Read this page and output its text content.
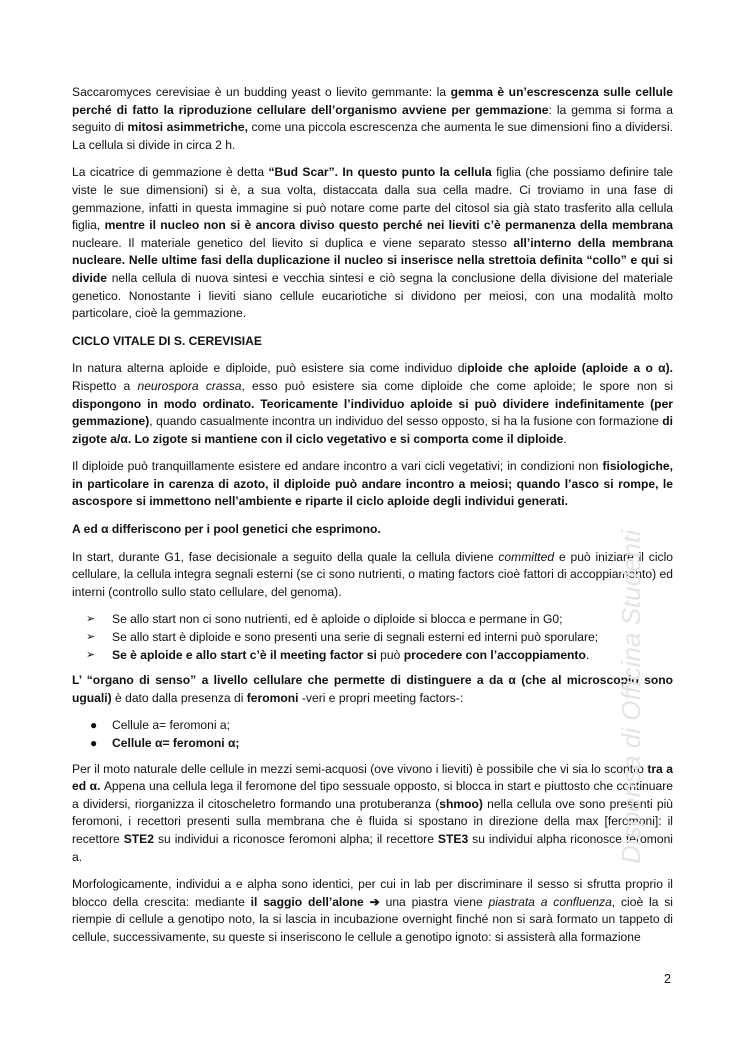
Saccaromyces cerevisiae è un budding yeast o lievito gemmante: la gemma è un’escrescenza sulle cellule perché di fatto la riproduzione cellulare dell’organismo avviene per gemmazione: la gemma si forma a seguito di mitosi asimmetriche, come una piccola escrescenza che aumenta le sue dimensioni fino a dividersi. La cellula si divide in circa 2 h.

La cicatrice di gemmazione è detta “Bud Scar”. In questo punto la cellula figlia (che possiamo definire tale viste le sue dimensioni) si è, a sua volta, distaccata dalla sua cella madre. Ci troviamo in una fase di gemmazione, infatti in questa immagine si può notare come parte del citosol sia già stato trasferito alla cellula figlia, mentre il nucleo non si è ancora diviso questo perché nei lieviti c’è permanenza della membrana nucleare. Il materiale genetico del lievito si duplica e viene separato stesso all’interno della membrana nucleare. Nelle ultime fasi della duplicazione il nucleo si inserisce nella strettoia definita “collo” e qui si divide nella cellula di nuova sintesi e vecchia sintesi e ciò segna la conclusione della divisione del materiale genetico. Nonostante i lieviti siano cellule eucariotiche si dividono per meiosi, con una modalità molto particolare, cioè la gemmazione.

CICLO VITALE DI S. CEREVISIAE

In natura alterna aploide e diploide, può esistere sia come individuo diploide che aploide (aploide a o α). Rispetto a neurospora crassa, esso può esistere sia come diploide che come aploide; le spore non si dispongono in modo ordinato. Teoricamente l’individuo aploide si può dividere indefinitamente (per gemmazione), quando casualmente incontra un individuo del sesso opposto, si ha la fusione con formazione di zigote a/α. Lo zigote si mantiene con il ciclo vegetativo e si comporta come il diploide.

Il diploide può tranquillamente esistere ed andare incontro a vari cicli vegetativi; in condizioni non fisiologiche, in particolare in carenza di azoto, il diploide può andare incontro a meiosi; quando l’asco si rompe, le ascospore si immettono nell’ambiente e riparte il ciclo aploide degli individui generati.

A ed α differiscono per i pool genetici che esprimono.

In start, durante G1, fase decisionale a seguito della quale la cellula diviene committed e può iniziare il ciclo cellulare, la cellula integra segnali esterni (se ci sono nutrienti, o mating factors cioè fattori di accoppiamento) ed interni (controllo sullo stato cellulare, del genoma).

➢ Se allo start non ci sono nutrienti, ed è aploide o diploide si blocca e permane in G0;
➢ Se allo start è diploide e sono presenti una serie di segnali esterni ed interni può sporulare;
➢ Se è aploide e allo start c’è il meeting factor si può procedere con l’accoppiamento.

L’ “organo di senso” a livello cellulare che permette di distinguere a da α (che al microscopio sono uguali) è dato dalla presenza di feromoni -veri e propri meeting factors-:

● Cellule a= feromoni a;
● Cellule α= feromoni α;

Per il moto naturale delle cellule in mezzi semi-acquosi (ove vivono i lieviti) è possibile che vi sia lo scontro tra a ed α. Appena una cellula lega il feromone del tipo sessuale opposto, si blocca in start e piuttosto che continuare a dividersi, riorganizza il citoscheletro formando una protuberanza (shmoo) nella cellula ove sono presenti più feromoni, i recettori presenti sulla membrana che è fluida si spostano in direzione della max [feromoni]: il recettore STE2 su individui a riconosce feromoni alpha; il recettore STE3 su individui alpha riconosce feromoni a.

Morfologicamente, individui a e alpha sono identici, per cui in lab per discriminare il sesso si sfrutta proprio il blocco della crescita: mediante il saggio dell’alone ➔ una piastra viene piastrata a confluenza, cioè la si riempie di cellule a genotipo noto, la si lascia in incubazione overnight finché non si sarà formato un tappeto di cellule, successivamente, su queste si inseriscono le cellule a genotipo ignoto: si assisterà alla formazione

Dispensa di Officina Studenti
2
